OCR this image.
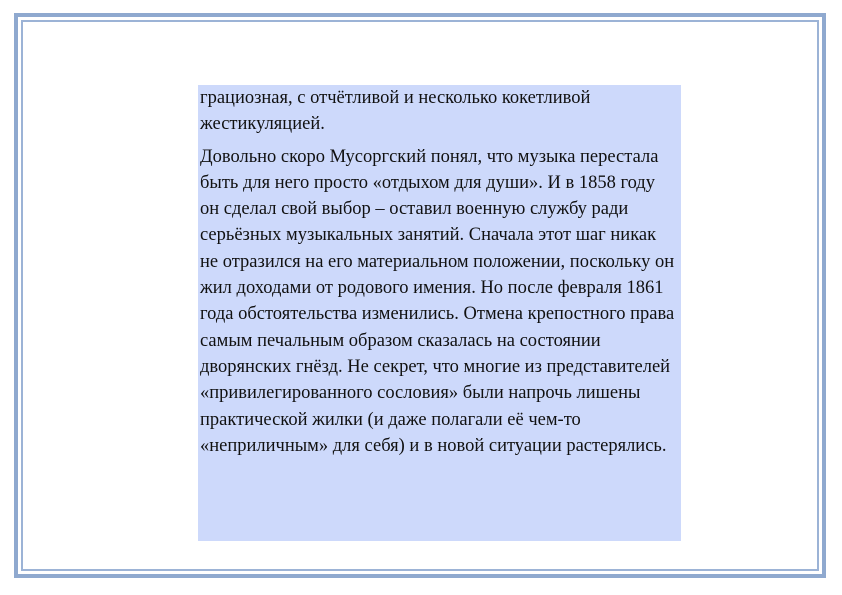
грациозная, с отчётливой и несколько кокетливой жестикуляцией.

Довольно скоро Мусоргский понял, что музыка перестала быть для него просто «отдыхом для души». И в 1858 году он сделал свой выбор – оставил военную службу ради серьёзных музыкальных занятий. Сначала этот шаг никак не отразился на его материальном положении, поскольку он жил доходами от родового имения. Но после февраля 1861 года обстоятельства изменились. Отмена крепостного права самым печальным образом сказалась на состоянии дворянских гнёзд. Не секрет, что многие из представителей «привилегированного сословия» были напрочь лишены практической жилки (и даже полагали её чем-то «неприличным» для себя) и в новой ситуации растерялись.
